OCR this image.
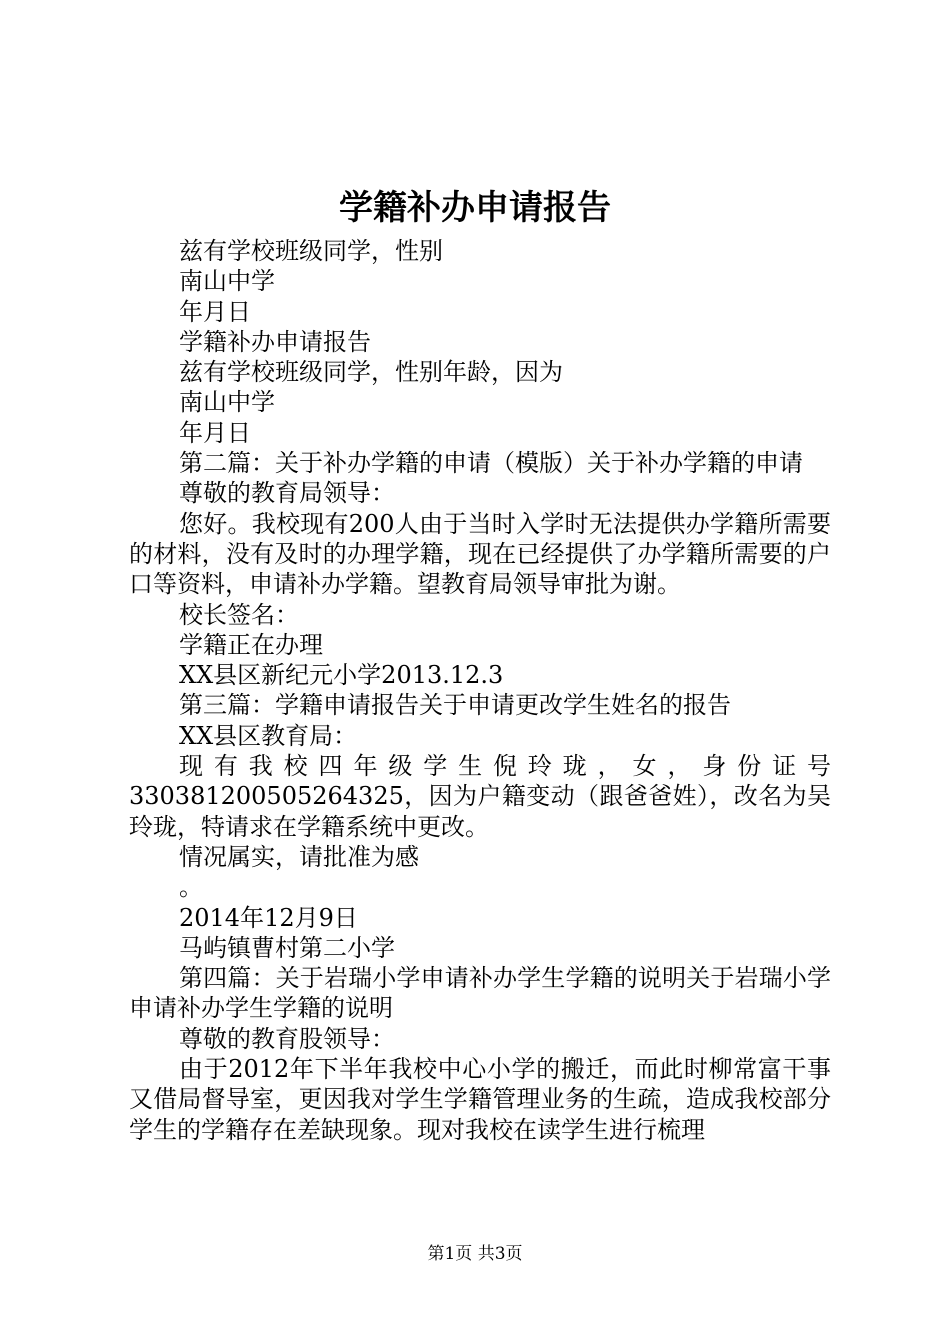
学籍补办申请报告

兹有学校班级同学，性别

南山中学

年月日

学籍补办申请报告

兹有学校班级同学，性别年龄，因为

南山中学

年月日

第二篇：关于补办学籍的申请（模版）关于补办学籍的申请

尊敬的教育局领导：

您好。我校现有200人由于当时入学时无法提供办学籍所需要的材料，没有及时的办理学籍，现在已经提供了办学籍所需要的户口等资料，申请补办学籍。望教育局领导审批为谢。

校长签名：

学籍正在办理

XX县区新纪元小学2013.12.3

第三篇：学籍申请报告关于申请更改学生姓名的报告

XX县区教育局：

现有我校四年级学生倪玲珑，女，身份证号330381200505264325，因为户籍变动（跟爸爸姓），改名为吴玲珑，特请求在学籍系统中更改。

情况属实，请批准为感

。

2014年12月9日

马屿镇曹村第二小学

第四篇：关于岩瑞小学申请补办学生学籍的说明关于岩瑞小学申请补办学生学籍的说明

尊敬的教育股领导：

由于2012年下半年我校中心小学的搬迁，而此时柳常富干事又借局督导室，更因我对学生学籍管理业务的生疏，造成我校部分学生的学籍存在差缺现象。现对我校在读学生进行梳理

第1页 共3页
